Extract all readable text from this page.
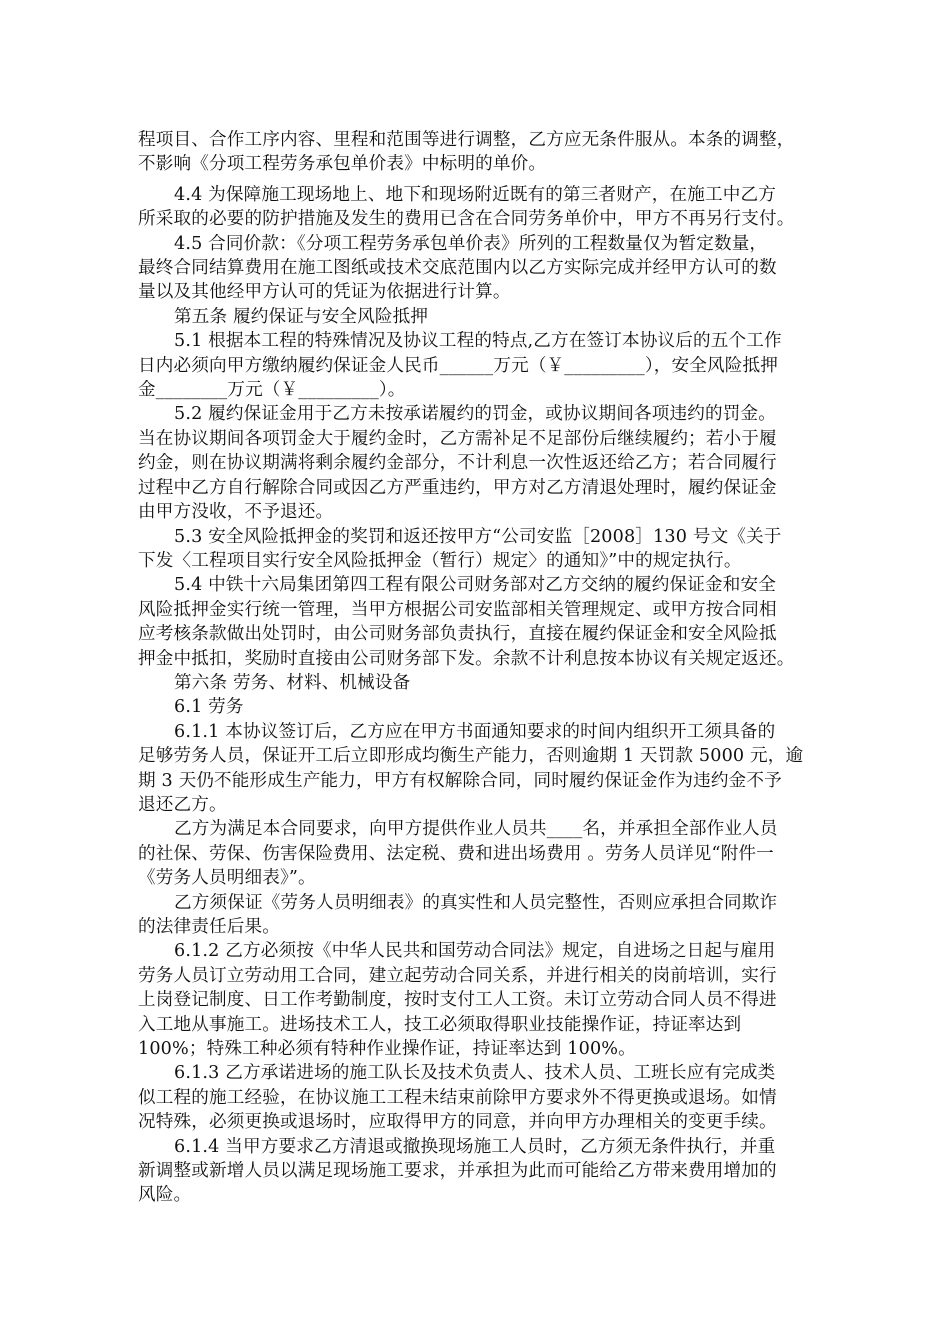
程项目、合作工序内容、里程和范围等进行调整，乙方应无条件服从。本条的调整，
不影响《分项工程劳务承包单价表》中标明的单价。
4.4 为保障施工现场地上、地下和现场附近既有的第三者财产，在施工中乙方
所采取的必要的防护措施及发生的费用已含在合同劳务单价中，甲方不再另行支付。
4.5 合同价款：《分项工程劳务承包单价表》所列的工程数量仅为暂定数量，
最终合同结算费用在施工图纸或技术交底范围内以乙方实际完成并经甲方认可的数
量以及其他经甲方认可的凭证为依据进行计算。
第五条 履约保证与安全风险抵押
5.1 根据本工程的特殊情况及协议工程的特点,乙方在签订本协议后的五个工作
日内必须向甲方缴纳履约保证金人民币______万元（￥_________），安全风险抵押
金________万元（￥_________）。
5.2 履约保证金用于乙方未按承诺履约的罚金，或协议期间各项违约的罚金。
当在协议期间各项罚金大于履约金时，乙方需补足不足部份后继续履约；若小于履
约金，则在协议期满将剩余履约金部分，不计利息一次性返还给乙方；若合同履行
过程中乙方自行解除合同或因乙方严重违约，甲方对乙方清退处理时，履约保证金
由甲方没收，不予退还。
5.3 安全风险抵押金的奖罚和返还按甲方“公司安监［2008］130 号文《关于
下发〈工程项目实行安全风险抵押金（暂行）规定〉的通知》”中的规定执行。
5.4 中铁十六局集团第四工程有限公司财务部对乙方交纳的履约保证金和安全
风险抵押金实行统一管理，当甲方根据公司安监部相关管理规定、或甲方按合同相
应考核条款做出处罚时，由公司财务部负责执行，直接在履约保证金和安全风险抵
押金中抵扣，奖励时直接由公司财务部下发。余款不计利息按本协议有关规定返还。
第六条 劳务、材料、机械设备
6.1 劳务
6.1.1 本协议签订后，乙方应在甲方书面通知要求的时间内组织开工须具备的
足够劳务人员，保证开工后立即形成均衡生产能力，否则逾期 1 天罚款 5000 元，逾
期 3 天仍不能形成生产能力，甲方有权解除合同，同时履约保证金作为违约金不予
退还乙方。
乙方为满足本合同要求，向甲方提供作业人员共____名，并承担全部作业人员
的社保、劳保、伤害保险费用、法定税、费和进出场费用 。劳务人员详见“附件一
《劳务人员明细表》”。
乙方须保证《劳务人员明细表》的真实性和人员完整性，否则应承担合同欺诈
的法律责任后果。
6.1.2 乙方必须按《中华人民共和国劳动合同法》规定，自进场之日起与雇用
劳务人员订立劳动用工合同，建立起劳动合同关系，并进行相关的岗前培训，实行
上岗登记制度、日工作考勤制度，按时支付工人工资。未订立劳动合同人员不得进
入工地从事施工。进场技术工人，技工必须取得职业技能操作证，持证率达到
100%；特殊工种必须有特种作业操作证，持证率达到 100%。
6.1.3 乙方承诺进场的施工队长及技术负责人、技术人员、工班长应有完成类
似工程的施工经验，在协议施工工程未结束前除甲方要求外不得更换或退场。如情
况特殊，必须更换或退场时，应取得甲方的同意，并向甲方办理相关的变更手续。
6.1.4 当甲方要求乙方清退或撤换现场施工人员时，乙方须无条件执行，并重
新调整或新增人员以满足现场施工要求，并承担为此而可能给乙方带来费用增加的
风险。
